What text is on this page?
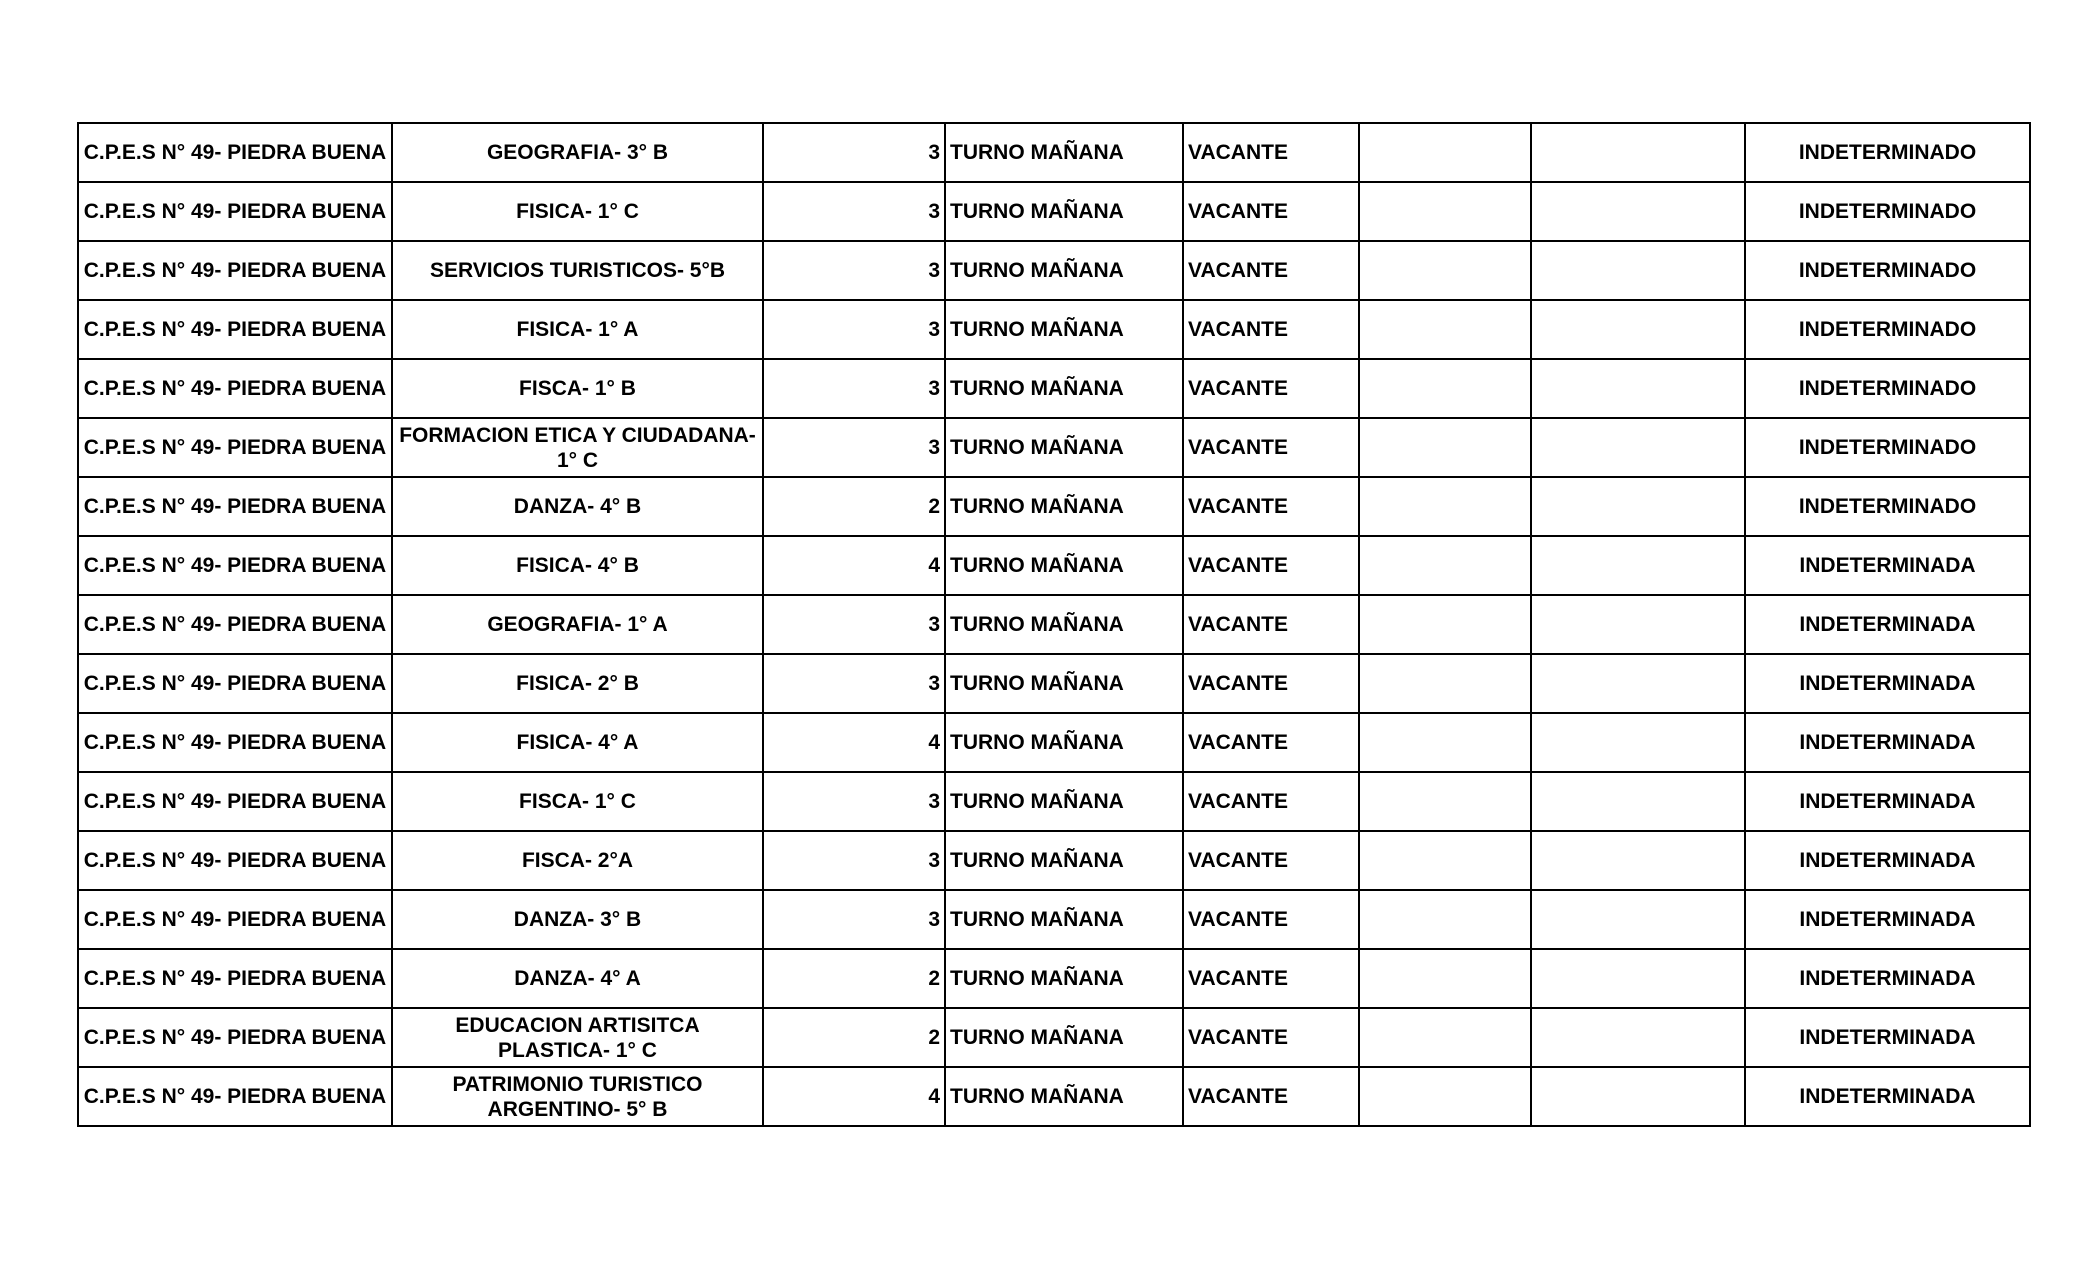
C.P.E.S N° 49- PIEDRA BUENA	GEOGRAFIA- 3° B	3	TURNO MAÑANA	VACANTE			INDETERMINADO
C.P.E.S N° 49- PIEDRA BUENA	FISICA- 1° C	3	TURNO MAÑANA	VACANTE			INDETERMINADO
C.P.E.S N° 49- PIEDRA BUENA	SERVICIOS TURISTICOS- 5°B	3	TURNO MAÑANA	VACANTE			INDETERMINADO
C.P.E.S N° 49- PIEDRA BUENA	FISICA- 1° A	3	TURNO MAÑANA	VACANTE			INDETERMINADO
C.P.E.S N° 49- PIEDRA BUENA	FISCA- 1° B	3	TURNO MAÑANA	VACANTE			INDETERMINADO
C.P.E.S N° 49- PIEDRA BUENA	FORMACION ETICA Y CIUDADANA- 1° C	3	TURNO MAÑANA	VACANTE			INDETERMINADO
C.P.E.S N° 49- PIEDRA BUENA	DANZA- 4° B	2	TURNO MAÑANA	VACANTE			INDETERMINADO
C.P.E.S N° 49- PIEDRA BUENA	FISICA- 4° B	4	TURNO MAÑANA	VACANTE			INDETERMINADA
C.P.E.S N° 49- PIEDRA BUENA	GEOGRAFIA- 1° A	3	TURNO MAÑANA	VACANTE			INDETERMINADA
C.P.E.S N° 49- PIEDRA BUENA	FISICA- 2° B	3	TURNO MAÑANA	VACANTE			INDETERMINADA
C.P.E.S N° 49- PIEDRA BUENA	FISICA- 4° A	4	TURNO MAÑANA	VACANTE			INDETERMINADA
C.P.E.S N° 49- PIEDRA BUENA	FISCA- 1° C	3	TURNO MAÑANA	VACANTE			INDETERMINADA
C.P.E.S N° 49- PIEDRA BUENA	FISCA- 2°A	3	TURNO MAÑANA	VACANTE			INDETERMINADA
C.P.E.S N° 49- PIEDRA BUENA	DANZA- 3° B	3	TURNO MAÑANA	VACANTE			INDETERMINADA
C.P.E.S N° 49- PIEDRA BUENA	DANZA- 4° A	2	TURNO MAÑANA	VACANTE			INDETERMINADA
C.P.E.S N° 49- PIEDRA BUENA	EDUCACION ARTISITCA PLASTICA- 1° C	2	TURNO MAÑANA	VACANTE			INDETERMINADA
C.P.E.S N° 49- PIEDRA BUENA	PATRIMONIO TURISTICO ARGENTINO- 5° B	4	TURNO MAÑANA	VACANTE			INDETERMINADA
